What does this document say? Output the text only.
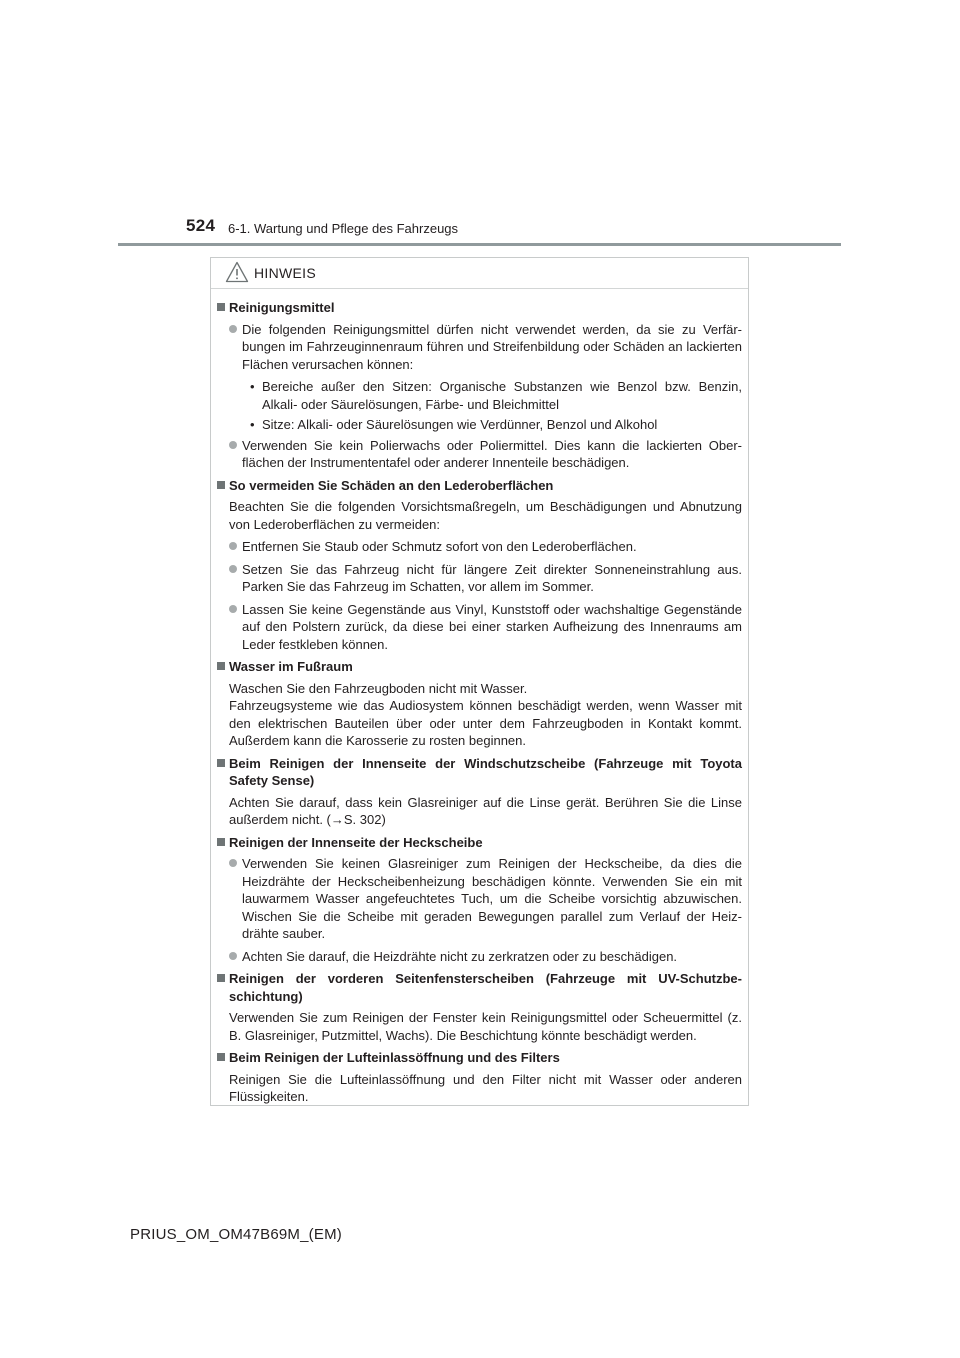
524 6-1. Wartung und Pflege des Fahrzeugs
HINWEIS
Reinigungsmittel
Die folgenden Reinigungsmittel dürfen nicht verwendet werden, da sie zu Verfärbungen im Fahrzeuginnenraum führen und Streifenbildung oder Schäden an lackierten Flächen verursachen können:
• Bereiche außer den Sitzen: Organische Substanzen wie Benzol bzw. Benzin, Alkali- oder Säurelösungen, Färbe- und Bleichmittel
• Sitze: Alkali- oder Säurelösungen wie Verdünner, Benzol und Alkohol
Verwenden Sie kein Polierwachs oder Poliermittel. Dies kann die lackierten Oberflächen der Instrumententafel oder anderer Innenteile beschädigen.
So vermeiden Sie Schäden an den Lederoberflächen
Beachten Sie die folgenden Vorsichtsmaßregeln, um Beschädigungen und Abnutzung von Lederoberflächen zu vermeiden:
Entfernen Sie Staub oder Schmutz sofort von den Lederoberflächen.
Setzen Sie das Fahrzeug nicht für längere Zeit direkter Sonneneinstrahlung aus. Parken Sie das Fahrzeug im Schatten, vor allem im Sommer.
Lassen Sie keine Gegenstände aus Vinyl, Kunststoff oder wachshaltige Gegenstände auf den Polstern zurück, da diese bei einer starken Aufheizung des Innenraums am Leder festkleben können.
Wasser im Fußraum
Waschen Sie den Fahrzeugboden nicht mit Wasser.
Fahrzeugsysteme wie das Audiosystem können beschädigt werden, wenn Wasser mit den elektrischen Bauteilen über oder unter dem Fahrzeugboden in Kontakt kommt. Außerdem kann die Karosserie zu rosten beginnen.
Beim Reinigen der Innenseite der Windschutzscheibe (Fahrzeuge mit Toyota Safety Sense)
Achten Sie darauf, dass kein Glasreiniger auf die Linse gerät. Berühren Sie die Linse außerdem nicht. (→S. 302)
Reinigen der Innenseite der Heckscheibe
Verwenden Sie keinen Glasreiniger zum Reinigen der Heckscheibe, da dies die Heizdrähte der Heckscheibenheizung beschädigen könnte. Verwenden Sie ein mit lauwarmem Wasser angefeuchtetes Tuch, um die Scheibe vorsichtig abzuwischen. Wischen Sie die Scheibe mit geraden Bewegungen parallel zum Verlauf der Heizdrähte sauber.
Achten Sie darauf, die Heizdrähte nicht zu zerkratzen oder zu beschädigen.
Reinigen der vorderen Seitenfensterscheiben (Fahrzeuge mit UV-Schutzbeschichtung)
Verwenden Sie zum Reinigen der Fenster kein Reinigungsmittel oder Scheuermittel (z. B. Glasreiniger, Putzmittel, Wachs). Die Beschichtung könnte beschädigt werden.
Beim Reinigen der Lufteinlassöffnung und des Filters
Reinigen Sie die Lufteinlassöffnung und den Filter nicht mit Wasser oder anderen Flüssigkeiten.
PRIUS_OM_OM47B69M_(EM)
